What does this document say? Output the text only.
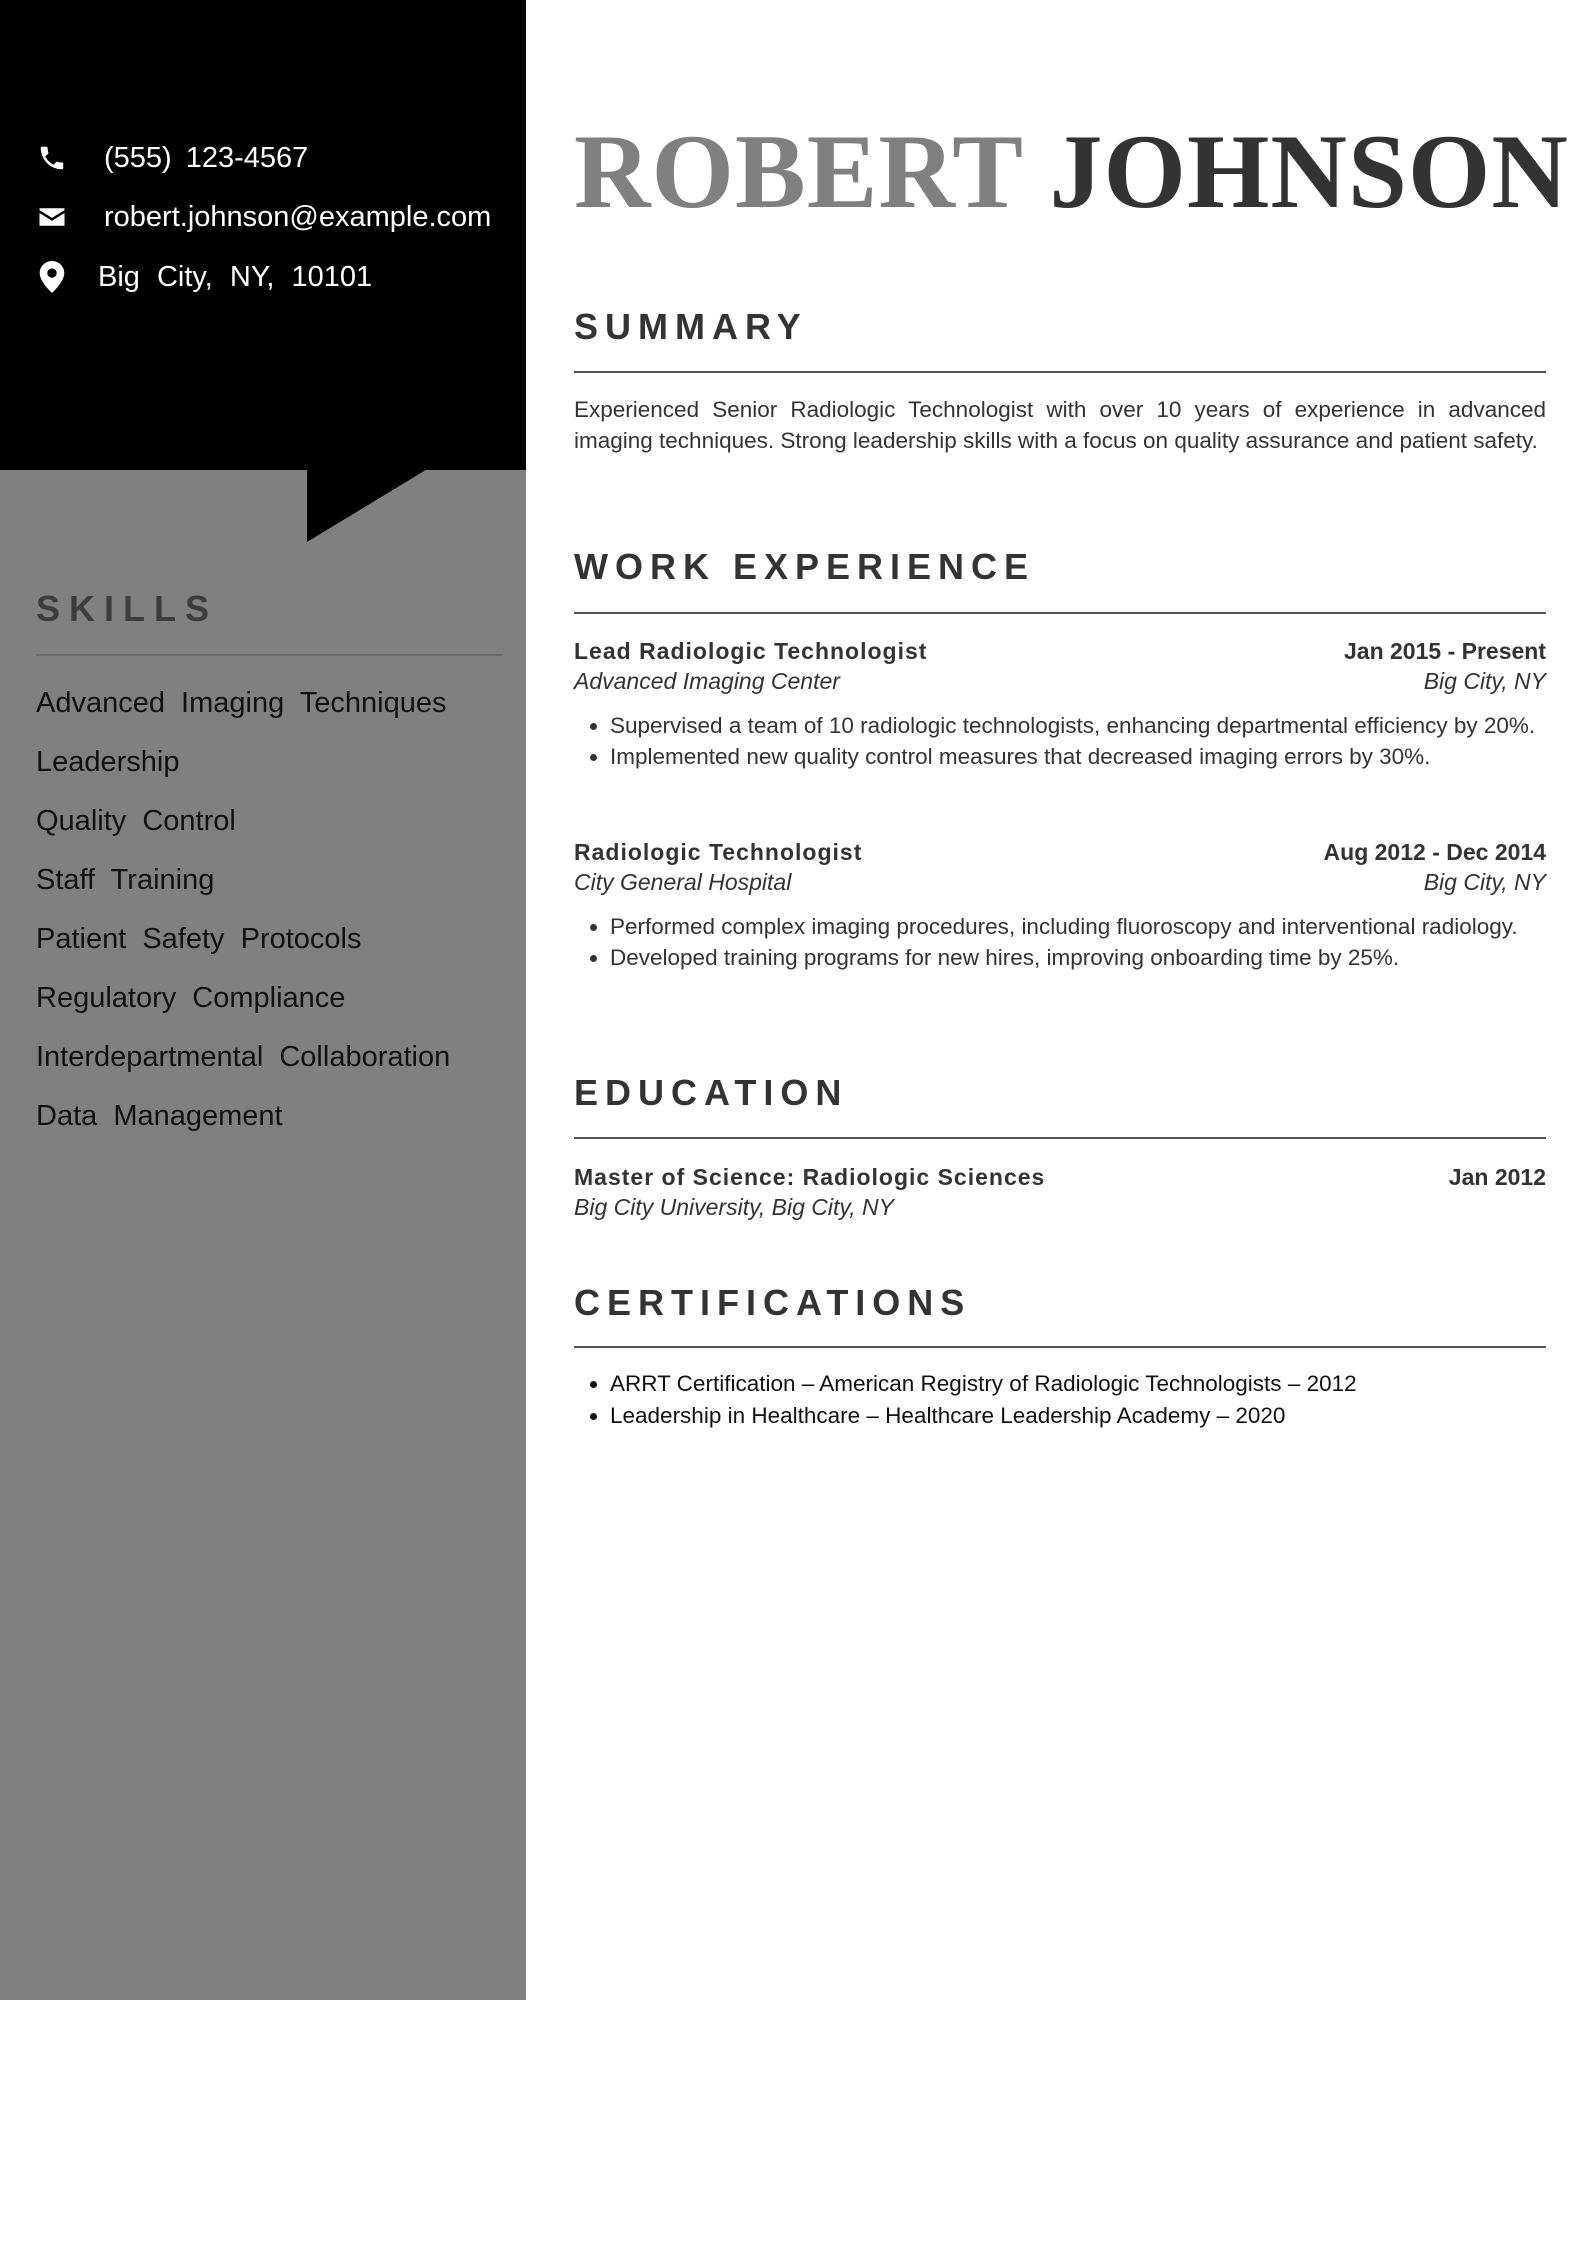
(555) 123-4567
robert.johnson@example.com
Big City, NY, 10101
SKILLS
Advanced Imaging Techniques
Leadership
Quality Control
Staff Training
Patient Safety Protocols
Regulatory Compliance
Interdepartmental Collaboration
Data Management
ROBERT JOHNSON
SUMMARY

Experienced Senior Radiologic Technologist with over 10 years of experience in advanced imaging techniques. Strong leadership skills with a focus on quality assurance and patient safety.

WORK EXPERIENCE
Lead Radiologic Technologist	Jan 2015 - Present
Advanced Imaging Center	Big City, NY
• Supervised a team of 10 radiologic technologists, enhancing departmental efficiency by 20%.
• Implemented new quality control measures that decreased imaging errors by 30%.
Radiologic Technologist	Aug 2012 - Dec 2014
City General Hospital	Big City, NY
• Performed complex imaging procedures, including fluoroscopy and interventional radiology.
• Developed training programs for new hires, improving onboarding time by 25%.
EDUCATION
Master of Science: Radiologic Sciences	Jan 2012
Big City University, Big City, NY
CERTIFICATIONS
• ARRT Certification – American Registry of Radiologic Technologists – 2012
• Leadership in Healthcare – Healthcare Leadership Academy – 2020
